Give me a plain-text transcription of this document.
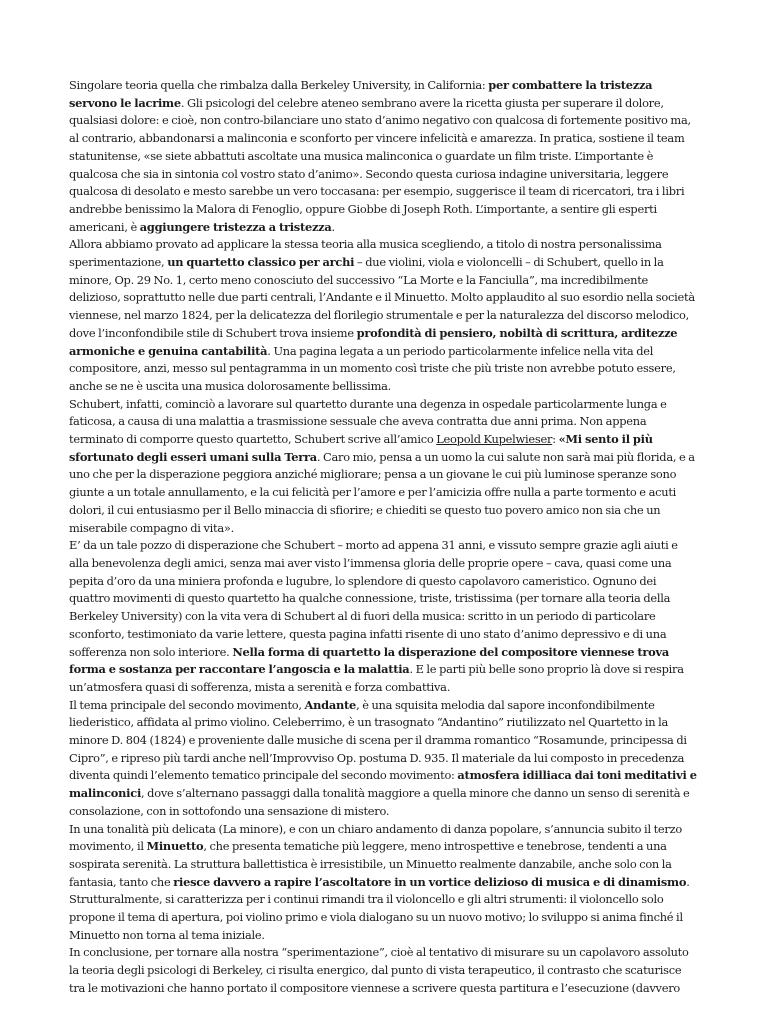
Singolare teoria quella che rimbalza dalla Berkeley University, in California: per combattere la tristezza servono le lacrime. Gli psicologi del celebre ateneo sembrano avere la ricetta giusta per superare il dolore, qualsiasi dolore: e cioè, non contro-bilanciare uno stato d’animo negativo con qualcosa di fortemente positivo ma, al contrario, abbandonarsi a malinconia e sconforto per vincere infelicità e amarezza. In pratica, sostiene il team statunitense, «se siete abbattuti ascoltate una musica malinconica o guardate un film triste. L’importante è qualcosa che sia in sintonia col vostro stato d’animo». Secondo questa curiosa indagine universitaria, leggere qualcosa di desolato e mesto sarebbe un vero toccasana: per esempio, suggerisce il team di ricercatori, tra i libri andrebbe benissimo la Malora di Fenoglio, oppure Giobbe di Joseph Roth. L’importante, a sentire gli esperti americani, è aggiungere tristezza a tristezza.

Allora abbiamo provato ad applicare la stessa teoria alla musica scegliendo, a titolo di nostra personalissima sperimentazione, un quartetto classico per archi – due violini, viola e violoncelli – di Schubert, quello in la minore, Op. 29 No. 1, certo meno conosciuto del successivo “La Morte e la Fanciulla”, ma incredibilmente delizioso, soprattutto nelle due parti centrali, l’Andante e il Minuetto. Molto applaudito al suo esordio nella società viennese, nel marzo 1824, per la delicatezza del florilegio strumentale e per la naturalezza del discorso melodico, dove l’inconfondibile stile di Schubert trova insieme profondità di pensiero, nobiltà di scrittura, arditezze armoniche e genuina cantabilità. Una pagina legata a un periodo particolarmente infelice nella vita del compositore, anzi, messo sul pentagramma in un momento così triste che più triste non avrebbe potuto essere, anche se ne è uscita una musica dolorosamente bellissima.

Schubert, infatti, cominciò a lavorare sul quartetto durante una degenza in ospedale particolarmente lunga e faticosa, a causa di una malattia a trasmissione sessuale che aveva contratta due anni prima. Non appena terminato di comporre questo quartetto, Schubert scrive all’amico Leopold Kupelwieser: «Mi sento il più sfortunato degli esseri umani sulla Terra. Caro mio, pensa a un uomo la cui salute non sarà mai più florida, e a uno che per la disperazione peggiora anziché migliorare; pensa a un giovane le cui più luminose speranze sono giunte a un totale annullamento, e la cui felicità per l’amore e per l’amicizia offre nulla a parte tormento e acuti dolori, il cui entusiasmo per il Bello minaccia di sfiorire; e chiediti se questo tuo povero amico non sia che un miserabile compagno di vita».

E’ da un tale pozzo di disperazione che Schubert – morto ad appena 31 anni, e vissuto sempre grazie agli aiuti e alla benevolenza degli amici, senza mai aver visto l’immensa gloria delle proprie opere – cava, quasi come una pepita d’oro da una miniera profonda e lugubre, lo splendore di questo capolavoro cameristico. Ognuno dei quattro movimenti di questo quartetto ha qualche connessione, triste, tristissima (per tornare alla teoria della Berkeley University) con la vita vera di Schubert al di fuori della musica: scritto in un periodo di particolare sconforto, testimoniato da varie lettere, questa pagina infatti risente di uno stato d’animo depressivo e di una sofferenza non solo interiore. Nella forma di quartetto la disperazione del compositore viennese trova forma e sostanza per raccontare l’angoscia e la malattia. E le parti più belle sono proprio là dove si respira un’atmosfera quasi di sofferenza, mista a serenità e forza combattiva.

Il tema principale del secondo movimento, Andante, è una squisita melodia dal sapore inconfondibilmente liederistico, affidata al primo violino. Celeberrimo, è un trasognato “Andantino” riutilizzato nel Quartetto in la minore D. 804 (1824) e proveniente dalle musiche di scena per il dramma romantico “Rosamunde, principessa di Cipro”, e ripreso più tardi anche nell’Improvviso Op. postuma D. 935. Il materiale da lui composto in precedenza diventa quindi l’elemento tematico principale del secondo movimento: atmosfera idilliaca dai toni meditativi e malinconici, dove s’alternano passaggi dalla tonalità maggiore a quella minore che danno un senso di serenità e consolazione, con in sottofondo una sensazione di mistero.

In una tonalità più delicata (La minore), e con un chiaro andamento di danza popolare, s’annuncia subito il terzo movimento, il Minuetto, che presenta tematiche più leggere, meno introspettive e tenebrose, tendenti a una sospirata serenità. La struttura ballettistica è irresistibile, un Minuetto realmente danzabile, anche solo con la fantasia, tanto che riesce davvero a rapire l’ascoltatore in un vortice delizioso di musica e di dinamismo. Strutturalmente, si caratterizza per i continui rimandi tra il violoncello e gli altri strumenti: il violoncello solo propone il tema di apertura, poi violino primo e viola dialogano su un nuovo motivo; lo sviluppo si anima finché il Minuetto non torna al tema iniziale.

In conclusione, per tornare alla nostra “sperimentazione”, cioè al tentativo di misurare su un capolavoro assoluto la teoria degli psicologi di Berkeley, ci risulta energico, dal punto di vista terapeutico, il contrasto che scaturisce tra le motivazioni che hanno portato il compositore viennese a scrivere questa partitura e l’esecuzione (davvero
